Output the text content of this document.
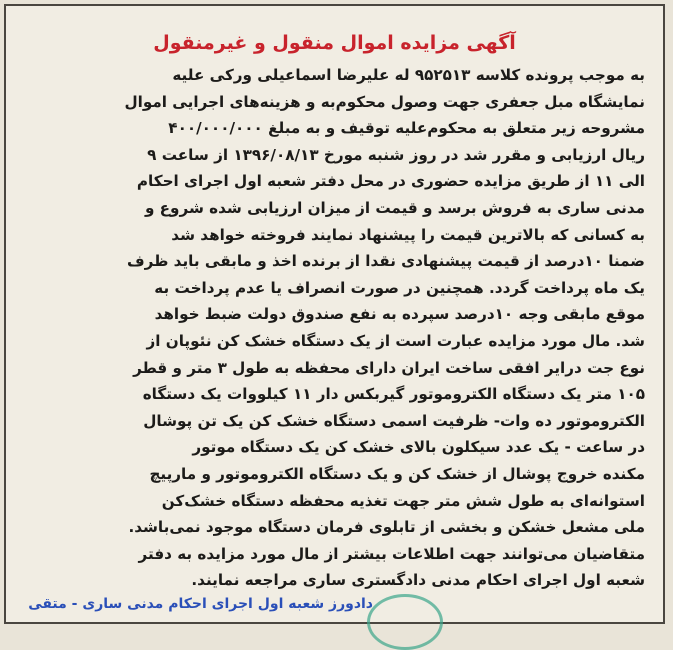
آگهی مزایده اموال منقول و غیرمنقول
به موجب پرونده کلاسه ۹۵۲۵۱۳ له علیرضا اسماعیلی ورکی علیه
نمایشگاه مبل جعفری جهت وصول محکوم‌به و هزینه‌های اجرایی اموال
مشروحه زیر متعلق به محکوم‌علیه توقیف و به مبلغ ۴۰۰/۰۰۰/۰۰۰
ریال ارزیابی و مقرر شد در روز شنبه مورخ ۱۳۹۶/۰۸/۱۳ از ساعت ۹
الی ۱۱ از طریق مزایده حضوری در محل دفتر شعبه اول اجرای احکام
مدنی ساری به فروش برسد و قیمت از میزان ارزیابی شده شروع و
به کسانی که بالاترین قیمت را پیشنهاد نمایند فروخته خواهد شد
ضمنا ۱۰درصد از قیمت پیشنهادی نقدا از برنده اخذ و مابقی باید ظرف
یک ماه پرداخت گردد. همچنین در صورت انصراف یا عدم پرداخت به
موقع مابقی وجه ۱۰درصد سپرده به نفع صندوق دولت ضبط خواهد
شد. مال مورد مزایده عبارت است از یک دستگاه خشک کن نئوپان از
نوع جت درایر افقی ساخت ایران دارای محفظه به طول ۳ متر و قطر
۱۰۵ متر یک دستگاه الکتروموتور گیربکس دار ۱۱ کیلووات یک دستگاه
الکتروموتور ده وات- ظرفیت اسمی دستگاه خشک کن یک تن پوشال
در ساعت - یک عدد سیکلون بالای خشک کن یک دستگاه موتور
مکنده خروج پوشال از خشک کن و یک دستگاه الکتروموتور و مارپیچ
استوانه‌ای به طول شش متر جهت تغذیه محفظه دستگاه خشک‌کن
ملی مشعل خشکن و بخشی از تابلوی فرمان دستگاه موجود نمی‌باشد.
متقاضیان می‌توانند جهت اطلاعات بیشتر از مال مورد مزایده به دفتر
شعبه اول اجرای احکام مدنی دادگستری ساری مراجعه نمایند.
دادورز شعبه اول اجرای احکام مدنی ساری - متقی
